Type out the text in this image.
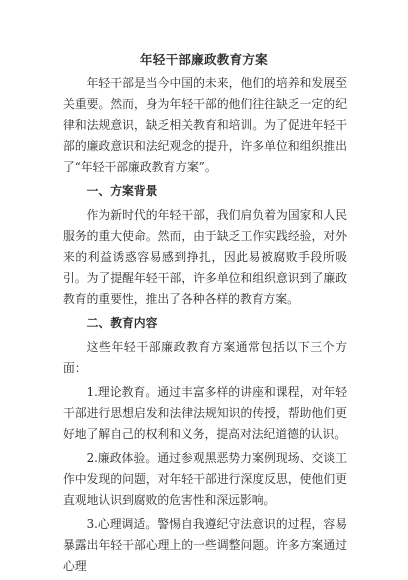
年轻干部廉政教育方案

年轻干部是当今中国的未来，他们的培养和发展至关重要。然而，身为年轻干部的他们往往缺乏一定的纪律和法规意识，缺乏相关教育和培训。为了促进年轻干部的廉政意识和法纪观念的提升，许多单位和组织推出了“年轻干部廉政教育方案”。

一、方案背景

作为新时代的年轻干部，我们肩负着为国家和人民服务的重大使命。然而，由于缺乏工作实践经验，对外来的利益诱惑容易感到挣扎，因此易被腐败手段所吸引。为了提醒年轻干部，许多单位和组织意识到了廉政教育的重要性，推出了各种各样的教育方案。

二、教育内容

这些年轻干部廉政教育方案通常包括以下三个方面：

1.理论教育。通过丰富多样的讲座和课程，对年轻干部进行思想启发和法律法规知识的传授，帮助他们更好地了解自己的权利和义务，提高对法纪道德的认识。

2.廉政体验。通过参观黑恶势力案例现场、交谈工作中发现的问题，对年轻干部进行深度反思，使他们更直观地认识到腐败的危害性和深远影响。

3.心理调适。警惕自我遵纪守法意识的过程，容易暴露出年轻干部心理上的一些调整问题。许多方案通过心理
